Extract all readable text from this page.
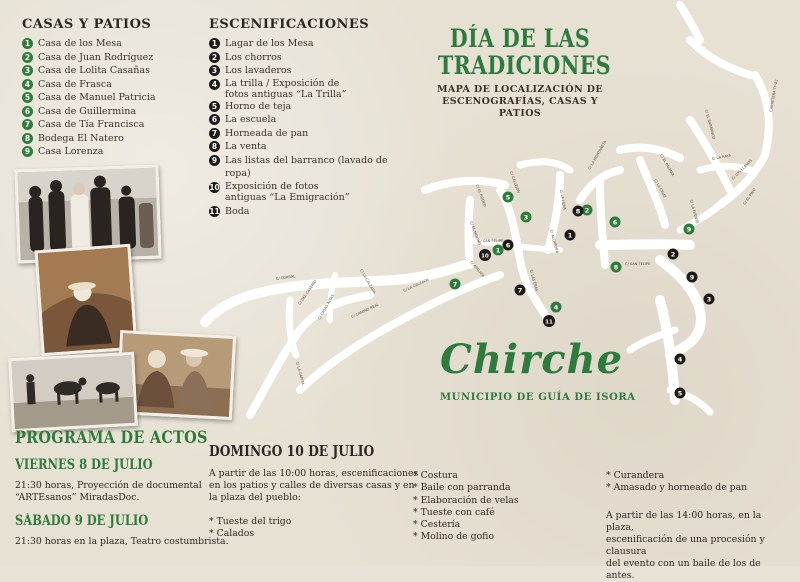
C/ CORRAL
C/ DEL CASERÍO
C/ CASAS ALTAS	C/ CAMINO REAL
C/ LA CALZADA	C/ LA CALZADA
C/ EL RODEO
C/ EL MOLINO
C/ SAN FELIPE
C/ ATALAYA
C/ CALLEJÓN
C/ LAS ERAS
C/ ALCAPORA
C/ LA HOYA
C/ LA MONTAÑETA
C/ SAN FELIPE
C/ EL PALMAR
C/ LA CRUZ
C/ LA FUENTE
C/ EL BARRANCO
CARRETERA TF-82
C/ LA RAYA
C/ LOS LLANOS
C/ EL PINO
C/ LA GARITA
1
2
3
4
5
6
7
8
9
1
2
3
4
5
6
7
8
9
10
11
CASAS Y PATIOS
1 Casa de los Mesa
2 Casa de Juan Rodríguez
3 Casa de Lolita Casañas
4 Casa de Frasca
5 Casa de Manuel Patricia
6 Casa de Guillermina
7 Casa de Tía Francisca
8 Bodega El Natero
9 Casa Lorenza
ESCENIFICACIONES
1 Lagar de los Mesa
2 Los chorros
3 Los lavaderos
4 La trilla / Exposición de
fotos antiguas “La Trilla”
5 Horno de teja
6 La escuela
7 Horneada de pan
8 La venta
9 Las listas del barranco (lavado de ropa)
10 Exposición de fotos
antiguas “La Emigración”
11 Boda
DÍA DE LAS
TRADICIONES
MAPA DE LOCALIZACIÓN DE
ESCENOGRAFÍAS, CASAS Y PATIOS
Chirche
MUNICIPIO DE GUÍA DE ISORA
PROGRAMA DE ACTOS
VIERNES 8 DE JULIO
21:30 horas, Proyección de documental
“ARTEsanos” MiradasDoc.
SÁBADO 9 DE JULIO
21:30 horas en la plaza, Teatro costumbrista.
DOMINGO 10 DE JULIO
A partir de las 10:00 horas, escenificaciones
en los patios y calles de diversas casas y en
la plaza del pueblo:
* Tueste del trigo
* Calados
* Costura
* Baile con parranda
* Elaboración de velas
* Tueste con café
* Cestería
* Molino de gofio
* Curandera
* Amasado y horneado de pan
A partir de las 14:00 horas, en la plaza,
escenificación de una procesión y clausura
del evento con un baile de los de antes.
